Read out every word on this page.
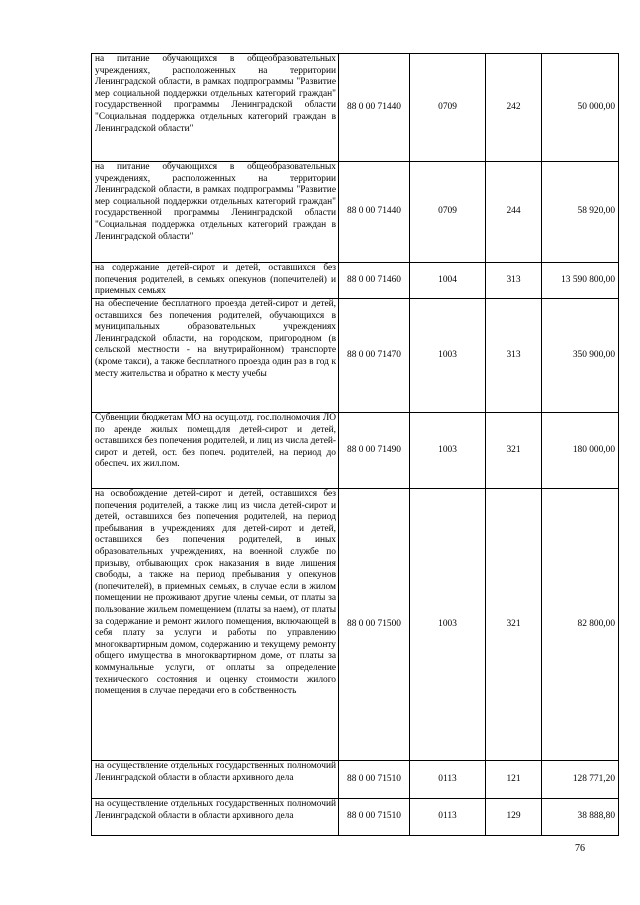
на питание обучающихся в общеобразовательных учреждениях, расположенных на территории Ленинградской области, в рамках подпрограммы "Развитие мер социальной поддержки отдельных категорий граждан" государственной программы Ленинградской области "Социальная поддержка отдельных категорий граждан в Ленинградской области"	88 0 00 71440	0709	242	50 000,00
на питание обучающихся в общеобразовательных учреждениях, расположенных на территории Ленинградской области, в рамках подпрограммы "Развитие мер социальной поддержки отдельных категорий граждан" государственной программы Ленинградской области "Социальная поддержка отдельных категорий граждан в Ленинградской области"	88 0 00 71440	0709	244	58 920,00
на содержание детей-сирот и детей, оставшихся без попечения родителей, в семьях опекунов (попечителей) и приемных семьях	88 0 00 71460	1004	313	13 590 800,00
на обеспечение бесплатного проезда детей-сирот и детей, оставшихся без попечения родителей, обучающихся в муниципальных образовательных учреждениях Ленинградской области, на городском, пригородном (в сельской местности - на внутрирайонном) транспорте (кроме такси), а также бесплатного проезда один раз в год к месту жительства и обратно к месту учебы	88 0 00 71470	1003	313	350 900,00
Субвенции бюджетам МО на осущ.отд. гос.полномочия ЛО по аренде жилых помещ.для детей-сирот и детей, оставшихся без попечения родителей, и лиц из числа детей-сирот и детей, ост. без попеч. родителей, на период до обеспеч. их жил.пом.	88 0 00 71490	1003	321	180 000,00
на освобождение детей-сирот и детей, оставшихся без попечения родителей, а также лиц из числа детей-сирот и детей, оставшихся без попечения родителей, на период пребывания в учреждениях для детей-сирот и детей, оставшихся без попечения родителей, в иных образовательных учреждениях, на военной службе по призыву, отбывающих срок наказания в виде лишения свободы, а также на период пребывания у опекунов (попечителей), в приемных семьях, в случае если в жилом помещении не проживают другие члены семьи, от платы за пользование жильем помещением (платы за наем), от платы за содержание и ремонт жилого помещения, включающей в себя плату за услуги и работы по управлению многоквартирным домом, содержанию и текущему ремонту общего имущества в многоквартирном доме, от платы за коммунальные услуги, от оплаты за определение технического состояния и оценку стоимости жилого помещения в случае передачи его в собственность	88 0 00 71500	1003	321	82 800,00
на осуществление отдельных государственных полномочий Ленинградской области в области архивного дела	88 0 00 71510	0113	121	128 771,20
на осуществление отдельных государственных полномочий Ленинградской области в области архивного дела	88 0 00 71510	0113	129	38 888,80
76
